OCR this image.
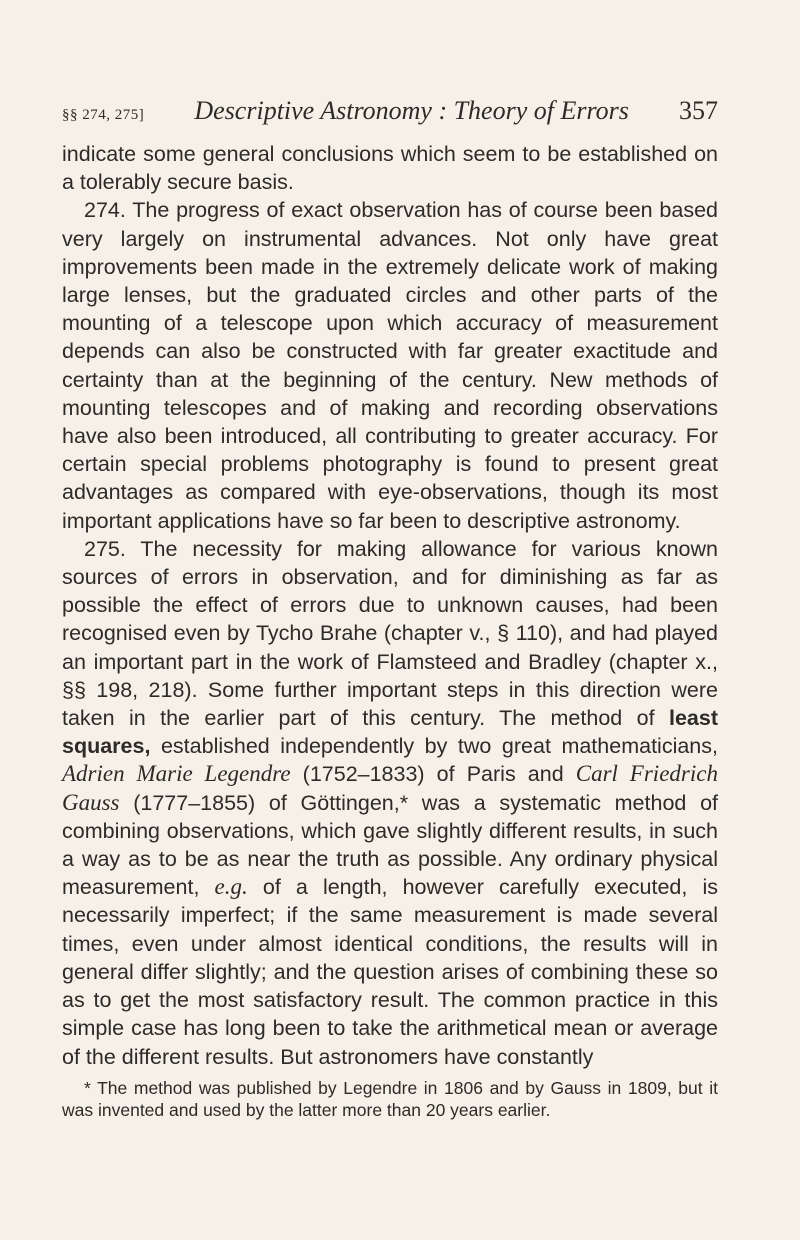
§§ 274, 275] Descriptive Astronomy : Theory of Errors 357

indicate some general conclusions which seem to be established on a tolerably secure basis.

274. The progress of exact observation has of course been based very largely on instrumental advances. Not only have great improvements been made in the extremely delicate work of making large lenses, but the graduated circles and other parts of the mounting of a telescope upon which accuracy of measurement depends can also be constructed with far greater exactitude and certainty than at the beginning of the century. New methods of mounting telescopes and of making and recording observations have also been introduced, all contributing to greater accuracy. For certain special problems photography is found to present great advantages as compared with eye-observations, though its most important applications have so far been to descriptive astronomy.

275. The necessity for making allowance for various known sources of errors in observation, and for diminishing as far as possible the effect of errors due to unknown causes, had been recognised even by Tycho Brahe (chapter v., § 110), and had played an important part in the work of Flamsteed and Bradley (chapter x., §§ 198, 218). Some further important steps in this direction were taken in the earlier part of this century. The method of least squares, established independently by two great mathematicians, Adrien Marie Legendre (1752–1833) of Paris and Carl Friedrich Gauss (1777–1855) of Göttingen,* was a systematic method of combining observations, which gave slightly different results, in such a way as to be as near the truth as possible. Any ordinary physical measurement, e.g. of a length, however carefully executed, is necessarily imperfect; if the same measurement is made several times, even under almost identical conditions, the results will in general differ slightly; and the question arises of combining these so as to get the most satisfactory result. The common practice in this simple case has long been to take the arithmetical mean or average of the different results. But astronomers have constantly

* The method was published by Legendre in 1806 and by Gauss in 1809, but it was invented and used by the latter more than 20 years earlier.
